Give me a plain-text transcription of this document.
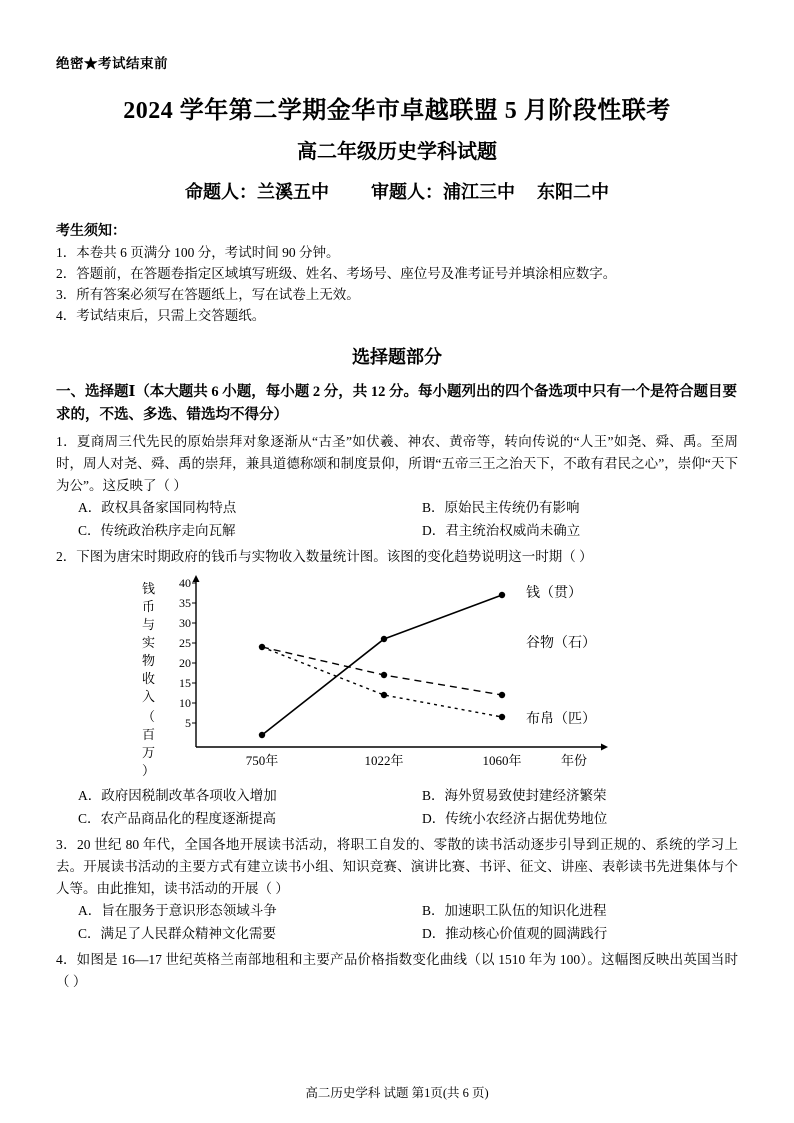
绝密★考试结束前
2024 学年第二学期金华市卓越联盟 5 月阶段性联考
高二年级历史学科试题
命题人：兰溪五中 审题人：浦江三中 东阳二中
考生须知：
1．本卷共 6 页满分 100 分，考试时间 90 分钟。
2．答题前，在答题卷指定区域填写班级、姓名、考场号、座位号及准考证号并填涂相应数字。
3．所有答案必须写在答题纸上，写在试卷上无效。
4．考试结束后，只需上交答题纸。
选择题部分
一、选择题Ⅰ（本大题共 6 小题，每小题 2 分，共 12 分。每小题列出的四个备选项中只有一个是符合题目要求的，不选、多选、错选均不得分）
1．夏商周三代先民的原始崇拜对象逐渐从“古圣”如伏羲、神农、黄帝等，转向传说的“人王”如尧、舜、禹。至周时，周人对尧、舜、禹的崇拜，兼具道德称颂和制度景仰，所谓“五帝三王之治天下，不敢有君民之心”，崇仰“天下为公”。这反映了（ ）
A．政权具备家国同构特点	B．原始民主传统仍有影响
C．传统政治秩序走向瓦解	D．君主统治权威尚未确立
2．下图为唐宋时期政府的钱币与实物收入数量统计图。该图的变化趋势说明这一时期（ ）
钱
币
与
实
物
收
入
（
百
万
）
40
35
30
25
20
15
10
5
750年	1022年	1060年	年份
钱（贯）
谷物（石）
布帛（匹）
A．政府因税制改革各项收入增加	B．海外贸易致使封建经济繁荣
C．农产品商品化的程度逐渐提高	D．传统小农经济占据优势地位
3．20 世纪 80 年代，全国各地开展读书活动，将职工自发的、零散的读书活动逐步引导到正规的、系统的学习上去。开展读书活动的主要方式有建立读书小组、知识竞赛、演讲比赛、书评、征文、讲座、表彰读书先进集体与个人等。由此推知，读书活动的开展（ ）
A．旨在服务于意识形态领域斗争	B．加速职工队伍的知识化进程
C．满足了人民群众精神文化需要	D．推动核心价值观的圆满践行
4．如图是 16—17 世纪英格兰南部地租和主要产品价格指数变化曲线（以 1510 年为 100）。这幅图反映出英国当时（ ）
高二历史学科 试题 第1页(共 6 页)
